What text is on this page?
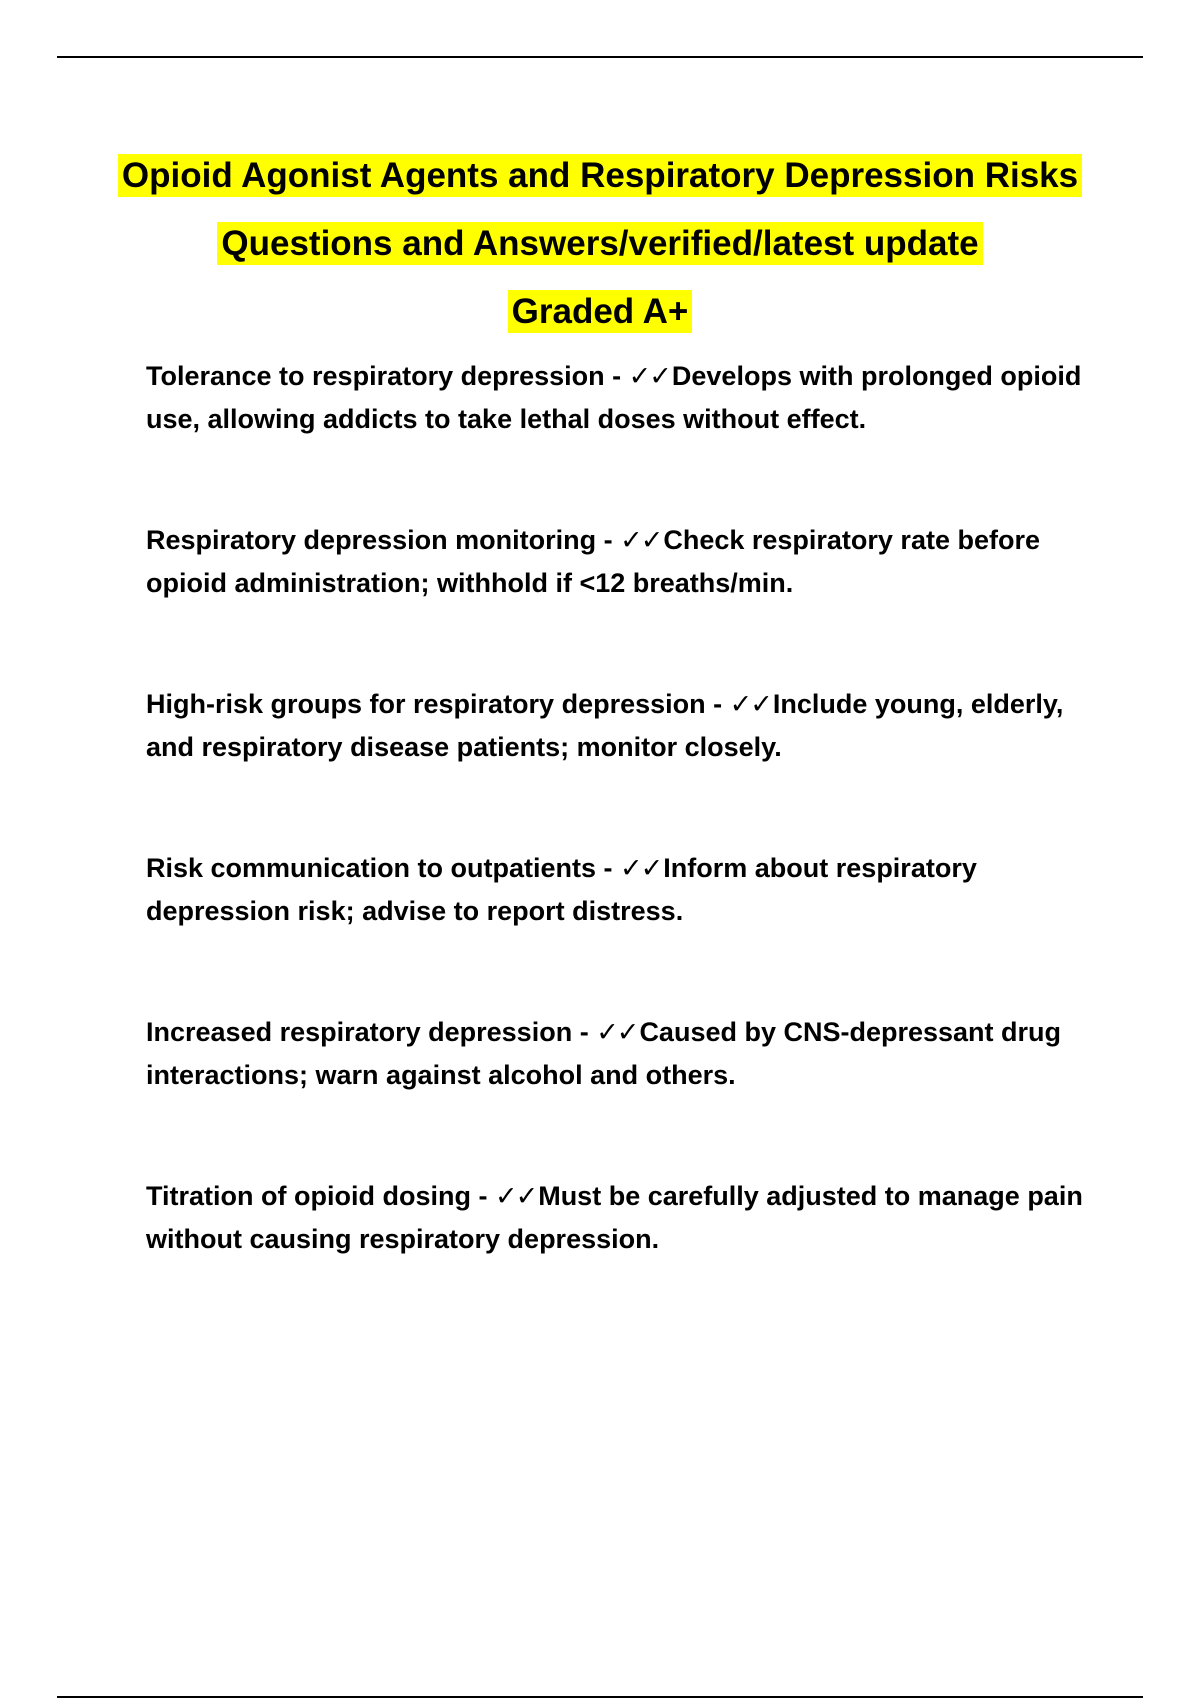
Opioid Agonist Agents and Respiratory Depression Risks
Questions and Answers/verified/latest update
Graded A+

Tolerance to respiratory depression - ✓✓Develops with prolonged opioid use, allowing addicts to take lethal doses without effect.

Respiratory depression monitoring - ✓✓Check respiratory rate before opioid administration; withhold if <12 breaths/min.

High-risk groups for respiratory depression - ✓✓Include young, elderly, and respiratory disease patients; monitor closely.

Risk communication to outpatients - ✓✓Inform about respiratory depression risk; advise to report distress.

Increased respiratory depression - ✓✓Caused by CNS-depressant drug interactions; warn against alcohol and others.

Titration of opioid dosing - ✓✓Must be carefully adjusted to manage pain without causing respiratory depression.
